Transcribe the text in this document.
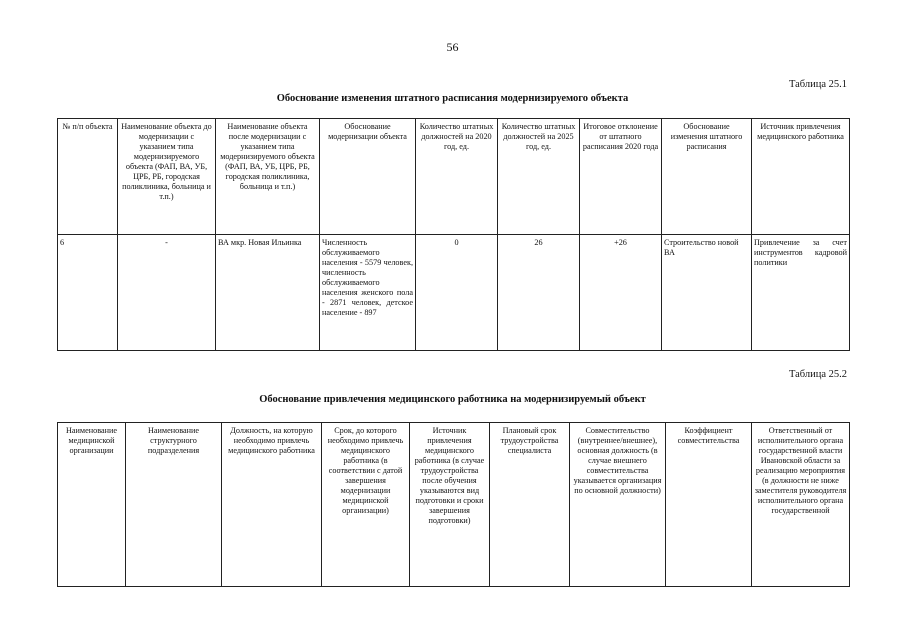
56
Таблица 25.1
Обоснование изменения штатного расписания модернизируемого объекта
№ п/п объекта	Наименование объекта до модернизации с указанием типа модернизируемого объекта (ФАП, ВА, УБ, ЦРБ, РБ, городская поликлиника, больница и т.п.)	Наименование объекта после модернизации с указанием типа модернизируемого объекта (ФАП, ВА, УБ, ЦРБ, РБ, городская поликлиника, больница и т.п.)	Обоснование модернизации объекта	Количество штатных должностей на 2020 год, ед.	Количество штатных должностей на 2025 год, ед.	Итоговое отклонение от штатного расписания 2020 года	Обоснование изменения штатного расписания	Источник привлечения медицинского работника
6	-	ВА мкр. Новая Ильинка	Численность обслуживаемого населения - 5579 человек, численность обслуживаемого населения женского пола - 2871 человек, детское население - 897	0	26	+26	Строительство новой ВА	Привлечение за счет инструментов кадровой политики
Таблица 25.2
Обоснование привлечения медицинского работника на модернизируемый объект
Наименование медицинской организации	Наименование структурного подразделения	Должность, на которую необходимо привлечь медицинского работника	Срок, до которого необходимо привлечь медицинского работника (в соответствии с датой завершения модернизации медицинской организации)	Источник привлечения медицинского работника (в случае трудоустройства после обучения указываются вид подготовки и сроки завершения подготовки)	Плановый срок трудоустройства специалиста	Совместительство (внутреннее/внешнее), основная должность (в случае внешнего совместительства указывается организация по основной должности)	Коэффициент совместительства	Ответственный от исполнительного органа государственной власти Ивановской области за реализацию мероприятия (в должности не ниже заместителя руководителя исполнительного органа государственной
